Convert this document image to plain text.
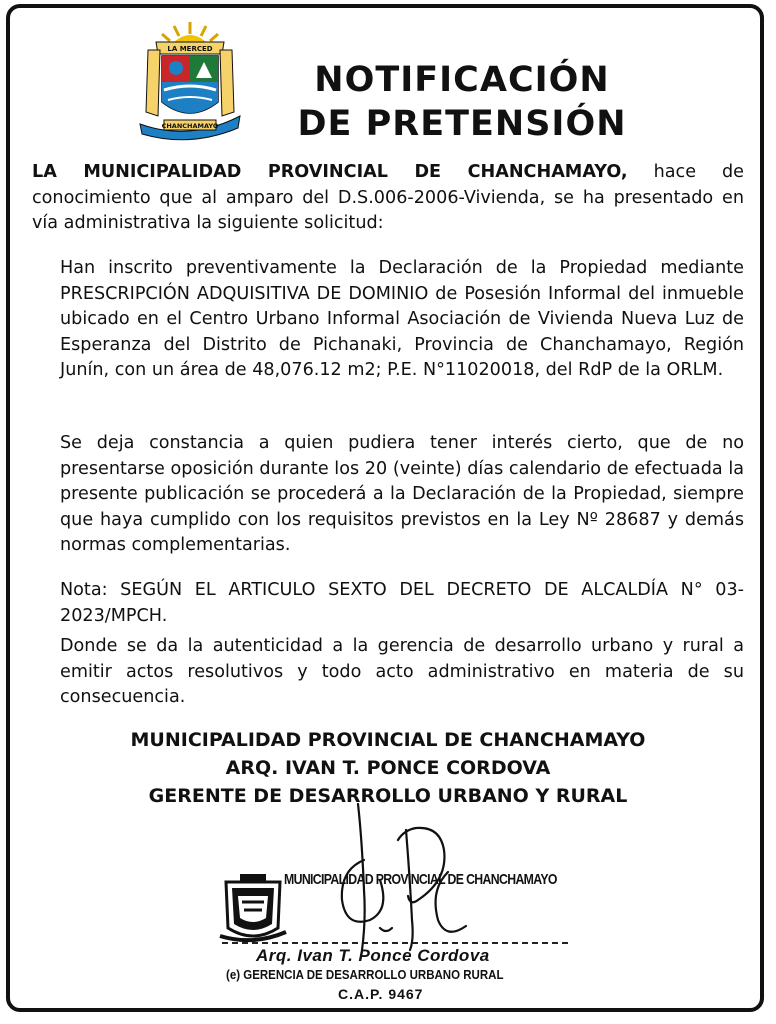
LA MERCED
CHANCHAMAYO
NOTIFICACIÓN
DE PRETENSIÓN
LA MUNICIPALIDAD PROVINCIAL DE CHANCHAMAYO, hace de conocimiento que al amparo del D.S.006-2006-Vivienda, se ha presentado en vía administrativa la siguiente solicitud:
Han inscrito preventivamente la Declaración de la Propiedad mediante PRESCRIPCIÓN ADQUISITIVA DE DOMINIO de Posesión Informal del inmueble ubicado en el Centro Urbano Informal Asociación de Vivienda Nueva Luz de Esperanza del Distrito de Pichanaki, Provincia de Chanchamayo, Región Junín, con un área de 48,076.12 m2; P.E. N°11020018, del RdP de la ORLM.
Se deja constancia a quien pudiera tener interés cierto, que de no presentarse oposición durante los 20 (veinte) días calendario de efectuada la presente publicación se procederá a la Declaración de la Propiedad, siempre que haya cumplido con los requisitos previstos en la Ley Nº 28687 y demás normas complementarias.
Nota: SEGÚN EL ARTICULO SEXTO DEL DECRETO DE ALCALDÍA N° 03-2023/MPCH.
Donde se da la autenticidad a la gerencia de desarrollo urbano y rural a emitir actos resolutivos y todo acto administrativo en materia de su consecuencia.
MUNICIPALIDAD PROVINCIAL DE CHANCHAMAYO
ARQ. IVAN T. PONCE CORDOVA
GERENTE DE DESARROLLO URBANO Y RURAL
MUNICIPALIDAD PROVINCIAL DE CHANCHAMAYO
Arq. Ivan T. Ponce Cordova
(e) GERENCIA DE DESARROLLO URBANO RURAL
C.A.P. 9467
